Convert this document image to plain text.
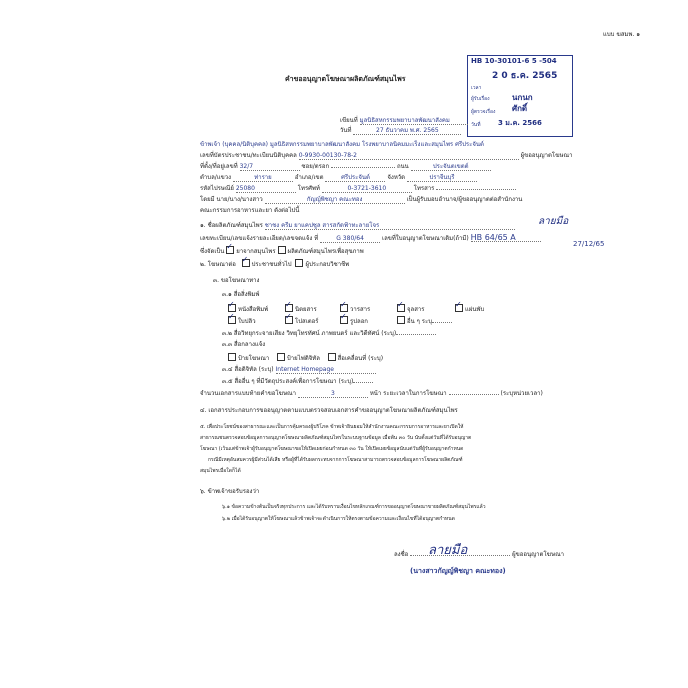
แบบ ฆสมพ. ๑
HB 10-30101-6 5 -504
2 0 ธ.ค. 2565
เวลา
ผู้รับเรื่อง	นกนก
ผู้ตรวจเรื่อง ศักดิ์
วันที่ 3 ม.ค. 2566
คำขออนุญาตโฆษณาผลิตภัณฑ์สมุนไพร
เขียนที่ มูลนิธิสหกรรมพยาบาลพัฒนาสังคม
วันที่	27 ธันวาคม พ.ศ. 2565
ข้าพเจ้า (บุคคล/นิติบุคคล) มูลนิธิสหกรรมพยาบาลพัฒนาสังคม โรงพยาบาลนิคมมะเร็งและสมุนไพร ศรีประจันต์
เลขที่บัตรประชาชน/ทะเบียนนิติบุคคล 0-9930-00130-78-2	ผู้ขออนุญาตโฆษณา
ที่ตั้ง/ที่อยู่เลขที่ 32/7	ซอย/ตรอก	ถนน	ประจันตเขตต์
ตำบล/แขวง	ท่าราย	อำเภอ/เขต	ศรีประจันต์	จังหวัด	ปราจีนบุรี
รหัสไปรษณีย์ 25080	โทรศัพท์	0-3721-3610	โทรสาร
โดยมี นาย/นาง/นางสาว	กัญญ์พิชญา คณะทอง	เป็นผู้รับมอบอำนาจ/ผู้ขออนุญาตต่อสำนักงาน
คณะกรรมการอาหารและยา ดังต่อไปนี้
๑. ชื่อผลิตภัณฑ์สมุนไพร ชาชง ครีม ยาแคปซูล สารสกัดฟ้าทะลายโจร	ลายมือ
เลขทะเบียน/เลขแจ้งรายละเอียด/เลขจดแจ้ง ที่	G 380/64	เลขที่ใบอนุญาตโฆษณาเดิม(ถ้ามี) HB 64/65 A
27/12/65
ซึ่งจัดเป็น ✓ ยาจากสมุนไพร ผลิตภัณฑ์สมุนไพรเพื่อสุขภาพ
๒. โฆษณาต่อ ✓	ประชาชนทั่วไป ผู้ประกอบวิชาชีพ
๓. ขอโฆษณาทาง
๓.๑ สื่อสิ่งพิมพ์
✓หนังสือพิมพ์ ✓	นิตยสาร ✓	วารสาร ✓	จุลสาร ✓	แผ่นพับ
✓ใบปลิว ✓	โปสเตอร์ ✓	รูปลอก	อื่น ๆ ระบุ
๓.๒ สื่อวิทยุกระจายเสียง วิทยุโทรทัศน์ ภาพยนตร์ และวิดีทัศน์ (ระบุ)
๓.๓ สื่อกลางแจ้ง
ป้ายโฆษณา	ป้ายไฟดิจิทัล	สื่อเคลื่อนที่ (ระบุ)
๓.๔ สื่อดิจิทัล (ระบุ) Internet Homepage
๓.๕ สื่ออื่น ๆ ที่มีวัตถุประสงค์เพื่อการโฆษณา (ระบุ)
จำนวนเอกสารแบบท้ายคำขอโฆษณา	3	หน้า ระยะเวลาในการโฆษณา	(ระบุหน่วยเวลา)
๔. เอกสารประกอบการขออนุญาตตามแบบตรวจสอบเอกสารคำขออนุญาตโฆษณาผลิตภัณฑ์สมุนไพร
๕. เพื่อประโยชน์ของสาธารณะและเป็นการคุ้มครองผู้บริโภค ข้าพเจ้ายินยอมให้สำนักงานคณะกรรมการอาหารและยาเปิดให้
สาธารณชนตรวจสอบข้อมูลการอนุญาตโฆษณาผลิตภัณฑ์สมุนไพรในระบบฐานข้อมูล เมื่อพ้น ๓๐ วัน นับตั้งแต่วันที่ได้รับอนุญาต
โฆษณา (เว้นแต่ข้าพเจ้าผู้รับอนุญาตโฆษณาขอให้เปิดเผยก่อนกำหนด ๓๐ วัน ให้เปิดเผยข้อมูลนับแต่วันที่ผู้รับอนุญาตกำหนด
กรณีมีเหตุอันสมควรผู้มีส่วนได้เสีย หรือผู้ที่ได้รับผลกระทบจากการโฆษณาสามารถตรวจสอบข้อมูลการโฆษณาผลิตภัณฑ์
สมุนไพรเมื่อใดก็ได้
๖. ข้าพเจ้าขอรับรองว่า
๖.๑ ข้อความข้างต้นเป็นจริงทุกประการ และได้รับทราบเงื่อนไขหลักเกณฑ์การขออนุญาตโฆษณาขายผลิตภัณฑ์สมุนไพรแล้ว
๖.๒ เมื่อได้รับอนุญาตให้โฆษณาแล้วข้าพเจ้าจะดำเนินการให้ตรงตามข้อความและเงื่อนไขที่ได้อนุญาตกำหนด
ลงชื่อ	ผู้ขออนุญาตโฆษณา
ลายมือ
(นางสาวกัญญ์พิชญา คณะทอง)
